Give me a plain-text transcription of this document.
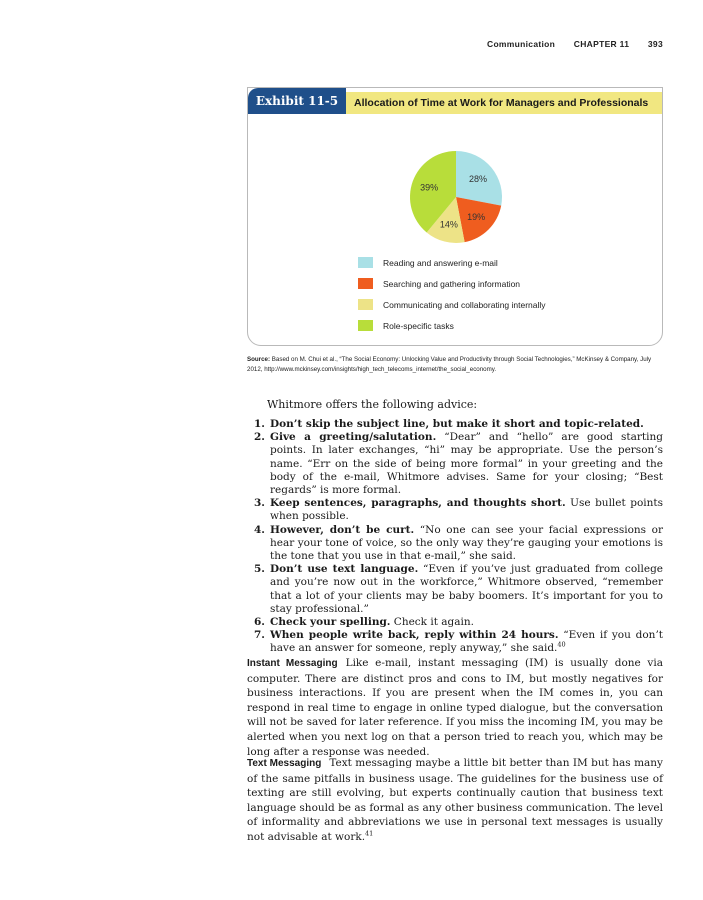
Communication CHAPTER 11 393
Exhibit 11-5	Allocation of Time at Work for Managers and Professionals
28%
19%
14%
39%
Reading and answering e-mail
Searching and gathering information
Communicating and collaborating internally
Role-specific tasks
Source: Based on M. Chui et al., “The Social Economy: Unlocking Value and Productivity through Social Technologies,” McKinsey & Company, July 2012, http://www.mckinsey.com/insights/high_tech_telecoms_internet/the_social_economy.
Whitmore offers the following advice:
1. Don’t skip the subject line, but make it short and topic-related.
2. Give a greeting/salutation. “Dear” and “hello” are good starting points. In later exchanges, “hi” may be appropriate. Use the person’s name. “Err on the side of being more formal” in your greeting and the body of the e-mail, Whitmore advises. Same for your closing; “Best regards” is more formal.
3. Keep sentences, paragraphs, and thoughts short. Use bullet points when possible.
4. However, don’t be curt. “No one can see your facial expressions or hear your tone of voice, so the only way they’re gauging your emotions is the tone that you use in that e-mail,” she said.
5. Don’t use text language. “Even if you’ve just graduated from college and you’re now out in the workforce,” Whitmore observed, “remember that a lot of your clients may be baby boomers. It’s important for you to stay professional.”
6. Check your spelling. Check it again.
7. When people write back, reply within 24 hours. “Even if you don’t have an answer for someone, reply anyway,” she said.$^{40}$
Instant Messaging Like e-mail, instant messaging (IM) is usually done via computer. There are distinct pros and cons to IM, but mostly negatives for business interactions. If you are present when the IM comes in, you can respond in real time to engage in online typed dialogue, but the conversation will not be saved for later reference. If you miss the incoming IM, you may be alerted when you next log on that a person tried to reach you, which may be long after a response was needed.
Text Messaging Text messaging maybe a little bit better than IM but has many of the same pitfalls in business usage. The guidelines for the business use of texting are still evolving, but experts continually caution that business text language should be as formal as any other business communication. The level of informality and abbreviations we use in personal text messages is usually not advisable at work.$^{41}$
